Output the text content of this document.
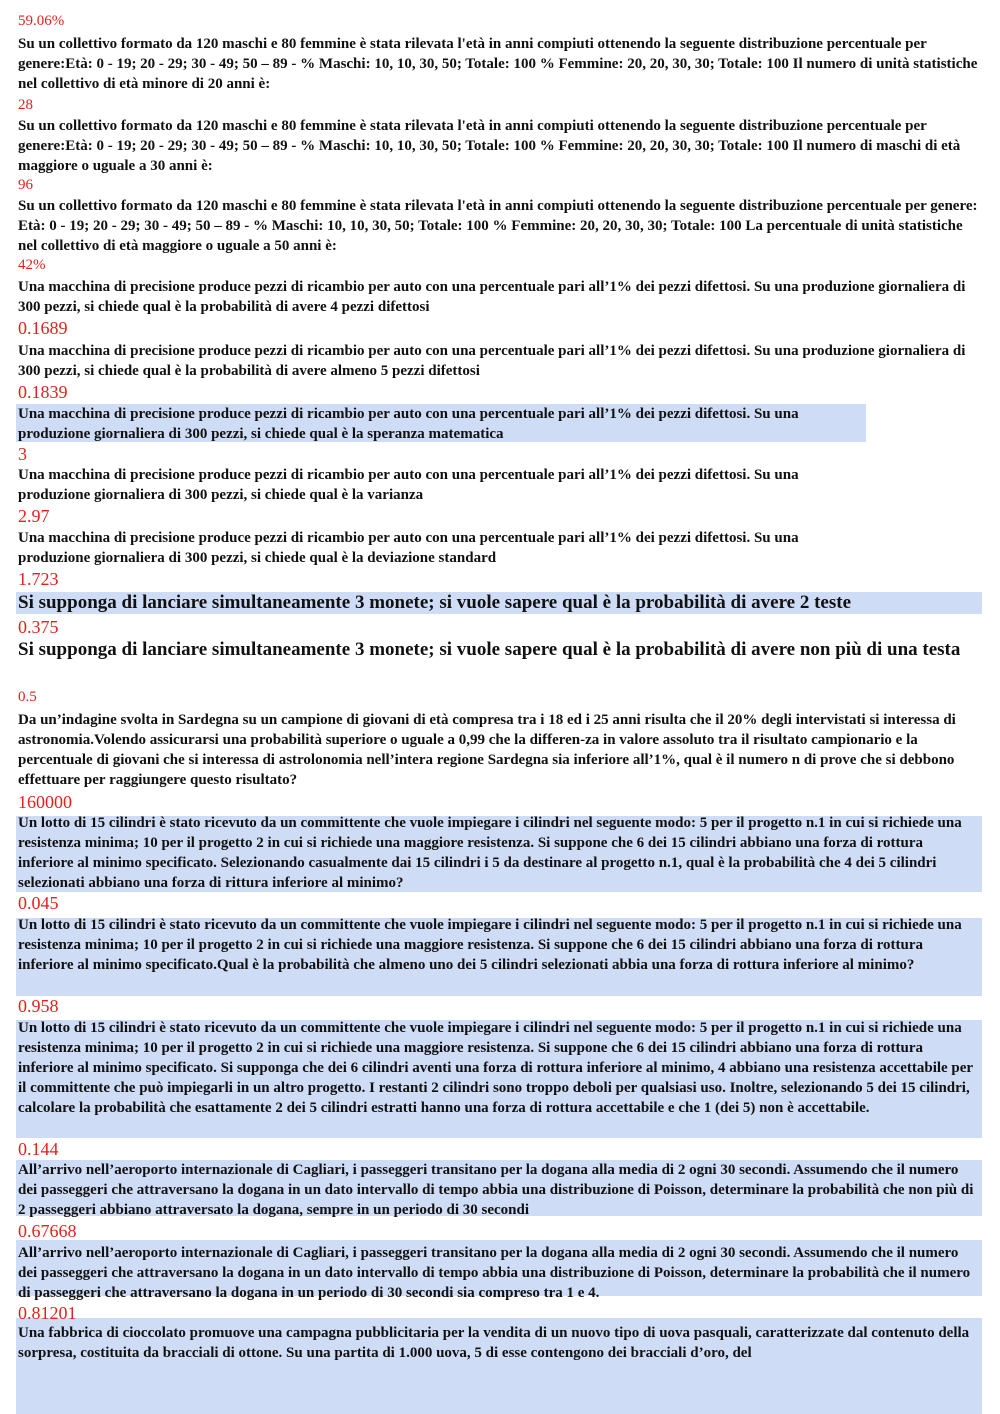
59.06%
Su un collettivo formato da 120 maschi e 80 femmine è stata rilevata l'età in anni compiuti ottenendo la seguente distribuzione percentuale per genere:Età: 0 - 19; 20 - 29; 30 - 49; 50 – 89 - % Maschi: 10, 10, 30, 50; Totale: 100 % Femmine: 20, 20, 30, 30; Totale: 100 Il numero di unità statistiche nel collettivo di età minore di 20 anni è:
28
Su un collettivo formato da 120 maschi e 80 femmine è stata rilevata l'età in anni compiuti ottenendo la seguente distribuzione percentuale per genere:Età: 0 - 19; 20 - 29; 30 - 49; 50 – 89 - % Maschi: 10, 10, 30, 50; Totale: 100 % Femmine: 20, 20, 30, 30; Totale: 100 Il numero di maschi di età maggiore o uguale a 30 anni è:
96
Su un collettivo formato da 120 maschi e 80 femmine è stata rilevata l'età in anni compiuti ottenendo la seguente distribuzione percentuale per genere: Età: 0 - 19; 20 - 29; 30 - 49; 50 – 89 - % Maschi: 10, 10, 30, 50; Totale: 100 % Femmine: 20, 20, 30, 30; Totale: 100 La percentuale di unità statistiche nel collettivo di età maggiore o uguale a 50 anni è:
42%
Una macchina di precisione produce pezzi di ricambio per auto con una percentuale pari all’1% dei pezzi difettosi. Su una produzione giornaliera di 300 pezzi, si chiede qual è la probabilità di avere 4 pezzi difettosi
0.1689
Una macchina di precisione produce pezzi di ricambio per auto con una percentuale pari all’1% dei pezzi difettosi. Su una produzione giornaliera di 300 pezzi, si chiede qual è la probabilità di avere almeno 5 pezzi difettosi
0.1839
Una macchina di precisione produce pezzi di ricambio per auto con una percentuale pari all’1% dei pezzi difettosi. Su una produzione giornaliera di 300 pezzi, si chiede qual è la speranza matematica
3
Una macchina di precisione produce pezzi di ricambio per auto con una percentuale pari all’1% dei pezzi difettosi. Su una produzione giornaliera di 300 pezzi, si chiede qual è la varianza
2.97
Una macchina di precisione produce pezzi di ricambio per auto con una percentuale pari all’1% dei pezzi difettosi. Su una produzione giornaliera di 300 pezzi, si chiede qual è la deviazione standard
1.723
Si supponga di lanciare simultaneamente 3 monete; si vuole sapere qual è la probabilità di avere 2 teste
0.375
Si supponga di lanciare simultaneamente 3 monete; si vuole sapere qual è la probabilità di avere non più di una testa
0.5
Da un’indagine svolta in Sardegna su un campione di giovani di età compresa tra i 18 ed i 25 anni risulta che il 20% degli intervistati si interessa di astronomia.Volendo assicurarsi una probabilità superiore o uguale a 0,99 che la differen-za in valore assoluto tra il risultato campionario e la percentuale di giovani che si interessa di astrolonomia nell’intera regione Sardegna sia inferiore all’1%, qual è il numero n di prove che si debbono effettuare per raggiungere questo risultato?
160000
Un lotto di 15 cilindri è stato ricevuto da un committente che vuole impiegare i cilindri nel seguente modo: 5 per il progetto n.1 in cui si richiede una resistenza minima; 10 per il progetto 2 in cui si richiede una maggiore resistenza. Si suppone che 6 dei 15 cilindri abbiano una forza di rottura inferiore al minimo specificato. Selezionando casualmente dai 15 cilindri i 5 da destinare al progetto n.1, qual è la probabilità che 4 dei 5 cilindri selezionati abbiano una forza di rittura inferiore al minimo?
0.045
Un lotto di 15 cilindri è stato ricevuto da un committente che vuole impiegare i cilindri nel seguente modo: 5 per il progetto n.1 in cui si richiede una resistenza minima; 10 per il progetto 2 in cui si richiede una maggiore resistenza. Si suppone che 6 dei 15 cilindri abbiano una forza di rottura inferiore al minimo specificato.Qual è la probabilità che almeno uno dei 5 cilindri selezionati abbia una forza di rottura inferiore al minimo?
0.958
Un lotto di 15 cilindri è stato ricevuto da un committente che vuole impiegare i cilindri nel seguente modo: 5 per il progetto n.1 in cui si richiede una resistenza minima; 10 per il progetto 2 in cui si richiede una maggiore resistenza. Si suppone che 6 dei 15 cilindri abbiano una forza di rottura inferiore al minimo specificato. Si supponga che dei 6 cilindri aventi una forza di rottura inferiore al minimo, 4 abbiano una resistenza accettabile per il committente che può impiegarli in un altro progetto. I restanti 2 cilindri sono troppo deboli per qualsiasi uso. Inoltre, selezionando 5 dei 15 cilindri, calcolare la probabilità che esattamente 2 dei 5 cilindri estratti hanno una forza di rottura accettabile e che 1 (dei 5) non è accettabile.
0.144
All’arrivo nell’aeroporto internazionale di Cagliari, i passeggeri transitano per la dogana alla media di 2 ogni 30 secondi. Assumendo che il numero dei passeggeri che attraversano la dogana in un dato intervallo di tempo abbia una distribuzione di Poisson, determinare la probabilità che non più di 2 passeggeri abbiano attraversato la dogana, sempre in un periodo di 30 secondi
0.67668
All’arrivo nell’aeroporto internazionale di Cagliari, i passeggeri transitano per la dogana alla media di 2 ogni 30 secondi. Assumendo che il numero dei passeggeri che attraversano la dogana in un dato intervallo di tempo abbia una distribuzione di Poisson, determinare la probabilità che il numero di passeggeri che attraversano la dogana in un periodo di 30 secondi sia compreso tra 1 e 4.
0.81201
Una fabbrica di cioccolato promuove una campagna pubblicitaria per la vendita di un nuovo tipo di uova pasquali, caratterizzate dal contenuto della sorpresa, costituita da bracciali di ottone. Su una partita di 1.000 uova, 5 di esse contengono dei bracciali d’oro, del
